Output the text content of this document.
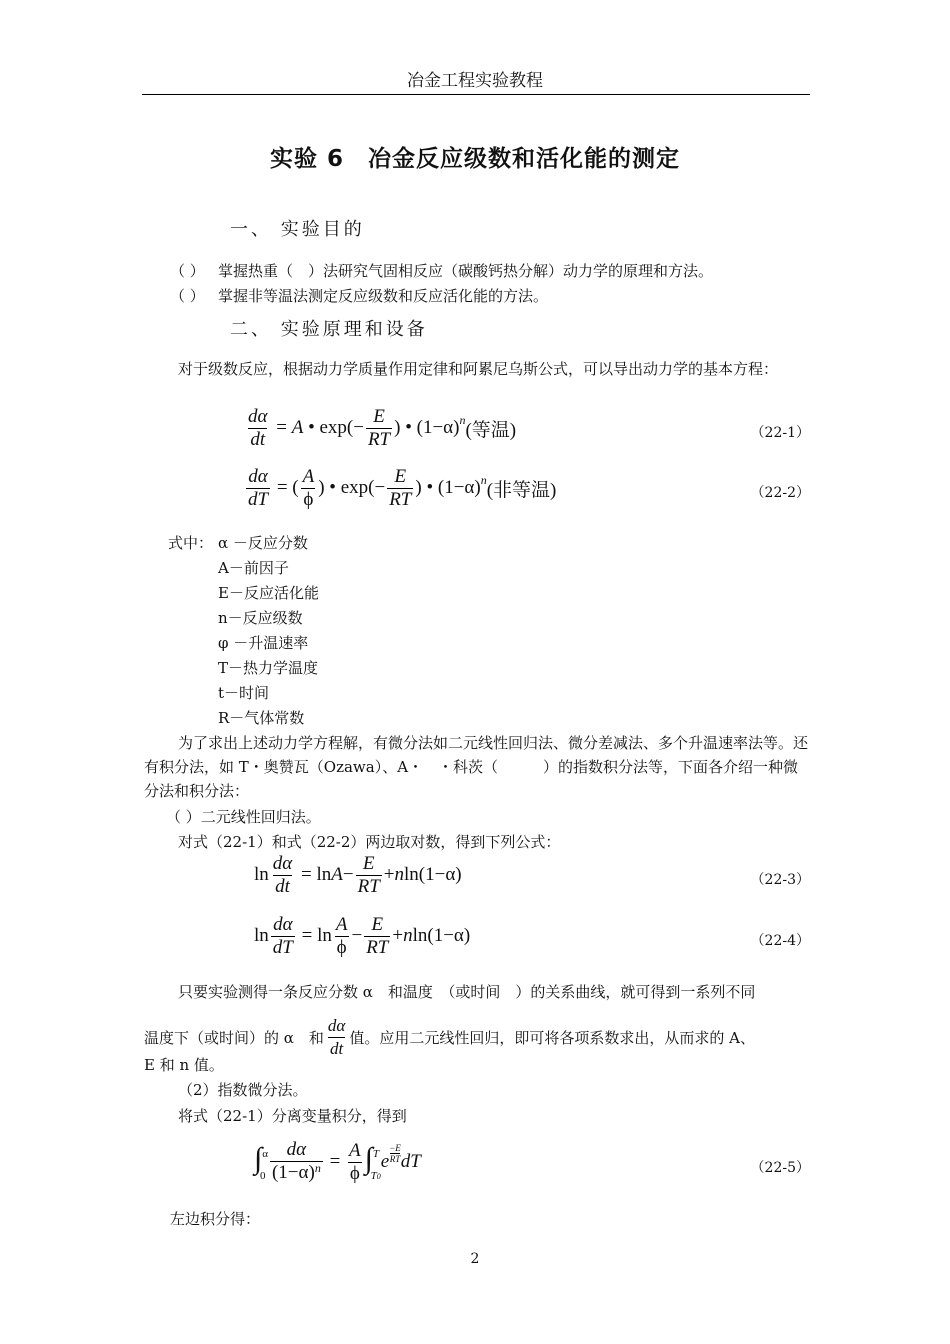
冶金工程实验教程
实验 6　冶金反应级数和活化能的测定
一、 实验目的
（ ） 掌握热重（　）法研究气固相反应（碳酸钙热分解）动力学的原理和方法。
（ ） 掌握非等温法测定反应级数和反应活化能的方法。
二、 实验原理和设备
对于级数反应，根据动力学质量作用定律和阿累尼乌斯公式，可以导出动力学的基本方程：
$\frac{d\alpha}{dt} = A$ • $\exp(- \frac{E}{RT}$ ) • (1−α) n (等温)	（22-1）
$\frac{d\alpha}{dT}$ = ( $\frac{A}{\phi}$ ) • $\exp(- \frac{E}{RT}$ ) • (1−α) n (非等温)	（22-2）
式中： α －反应分数
A－前因子
E－反应活化能
n－反应级数
φ －升温速率
T－热力学温度
t－时间
R－气体常数
为了求出上述动力学方程解，有微分法如二元线性回归法、微分差减法、多个升温速率法等。还有积分法，如 T・奥赞瓦（Ozawa）、A・　・科茨（　　　）的指数积分法等，下面各介绍一种微分法和积分法：
（ ）二元线性回归法。
对式（22-1）和式（22-2）两边取对数，得到下列公式：
$\ln \frac{d\alpha}{dt} = \ln A - \frac{E}{RT} + n$ ln(1−α)	（22-3）
$\ln \frac{d\alpha}{dT} = \ln \frac{A}{\phi} - \frac{E}{RT} + n$ ln(1−α)	（22-4）
只要实验测得一条反应分数 α　和温度　（或时间　）的关系曲线，就可得到一系列不同
温度下（或时间）的 α　和 $\frac{d\alpha}{dt}$ 值。应用二元线性回归，即可将各项系数求出，从而求的 A、
E 和 n 值。
（2）指数微分法。
将式（22-1）分离变量积分，得到
∫ α
$0 \frac{d\alpha}{(1-\alpha)^n} = \frac{A}{\phi}$ ∫ T
T0
e
−E
RT dT	（22-5）
左边积分得：
2
